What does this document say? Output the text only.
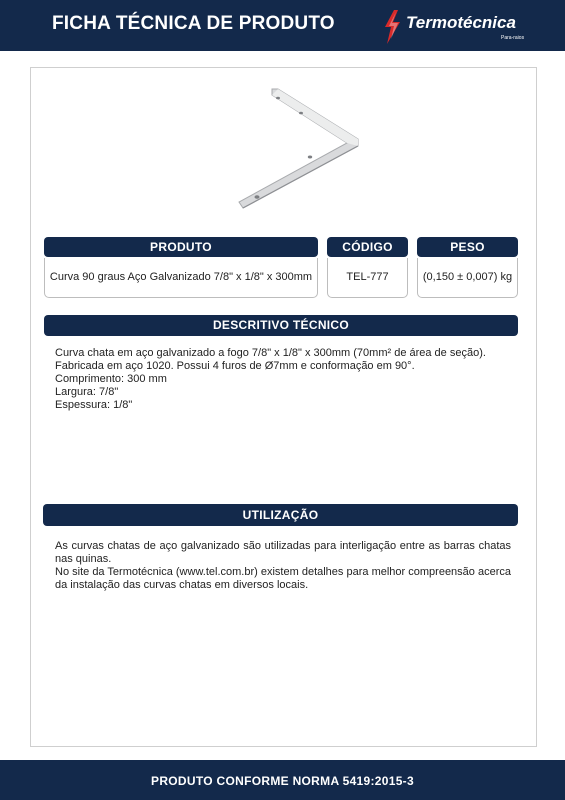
FICHA TÉCNICA DE PRODUTO	Termotécnica
Para-raios
PRODUTO	CÓDIGO	PESO
Curva 90 graus Aço Galvanizado 7/8" x 1/8" x 300mm	TEL-777	(0,150 ± 0,007) kg
DESCRITIVO TÉCNICO
Curva chata em aço galvanizado a fogo 7/8" x 1/8" x 300mm (70mm² de área de seção).
Fabricada em aço 1020. Possui 4 furos de Ø7mm e conformação em 90°.
Comprimento: 300 mm
Largura: 7/8"
Espessura: 1/8"
UTILIZAÇÃO

As curvas chatas de aço galvanizado são utilizadas para interligação entre as barras chatas nas quinas.

No site da Termotécnica (www.tel.com.br) existem detalhes para melhor compreensão acerca da instalação das curvas chatas em diversos locais.

PRODUTO CONFORME NORMA 5419:2015-3
